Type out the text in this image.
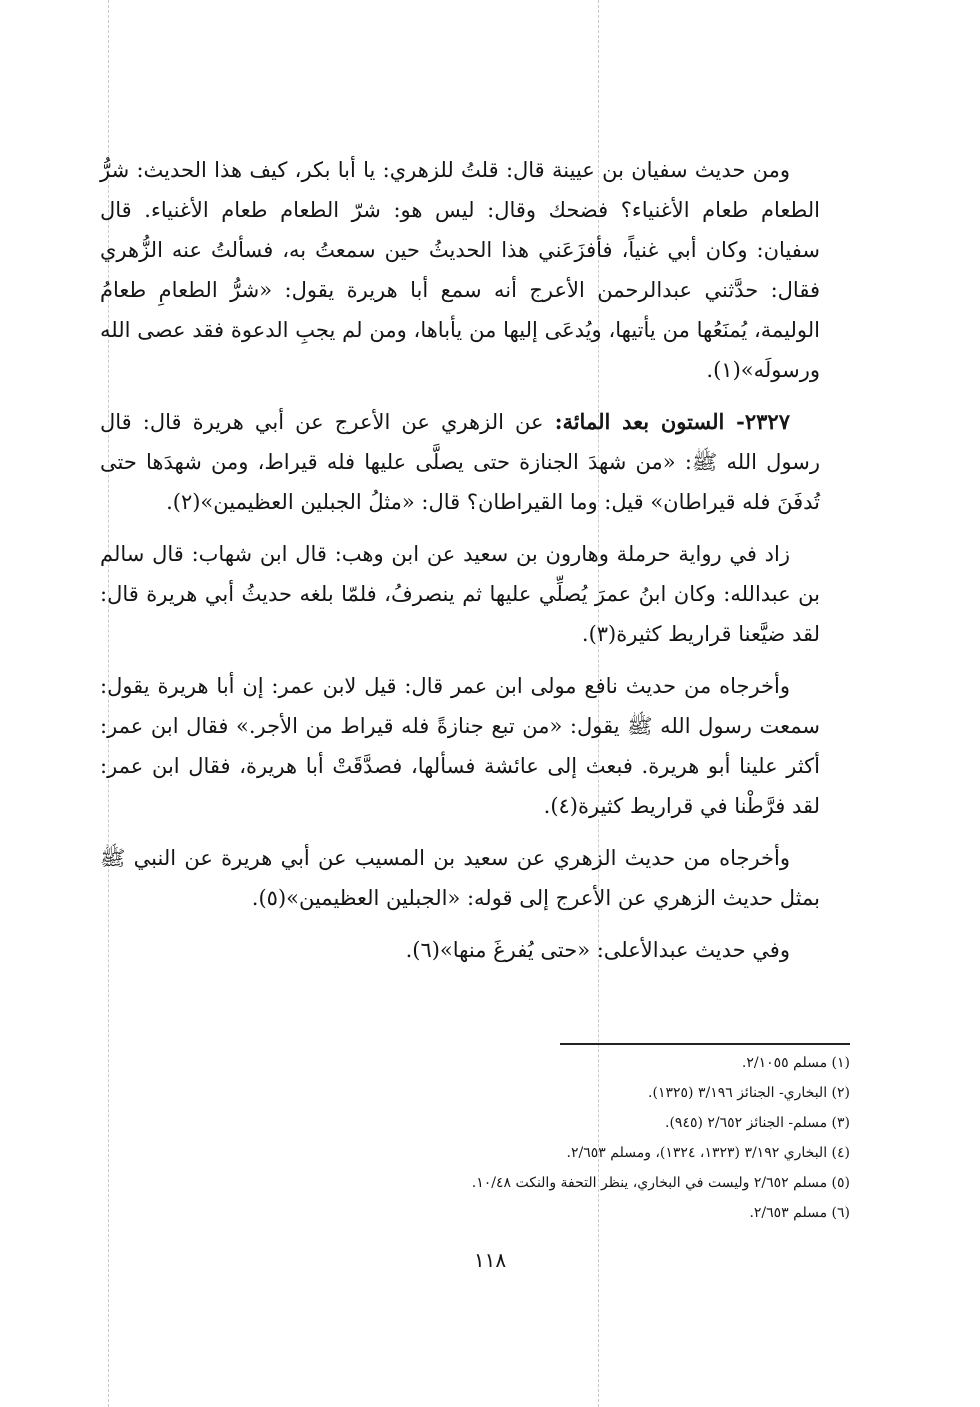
ومن حديث سفيان بن عيينة قال: قلتُ للزهري: يا أبا بكر، كيف هذا الحديث: شرُّ الطعام طعام الأغنياء؟ فضحك وقال: ليس هو: شرّ الطعام طعام الأغنياء. قال سفيان: وكان أبي غنياً، فأفزَعَني هذا الحديثُ حين سمعتُ به، فسألتُ عنه الزُّهري فقال: حدَّثني عبدالرحمن الأعرج أنه سمع أبا هريرة يقول: «شرُّ الطعامِ طعامُ الوليمة، يُمنَعُها من يأتيها، ويُدعَى إليها من يأباها، ومن لم يجبِ الدعوة فقد عصى الله ورسولَه»(١).

٢٣٢٧- الستون بعد المائة: عن الزهري عن الأعرج عن أبي هريرة قال: قال رسول الله ﷺ: «من شهدَ الجنازة حتى يصلَّى عليها فله قيراط، ومن شهدَها حتى تُدفَنَ فله قيراطان» قيل: وما القيراطان؟ قال: «مثلُ الجبلين العظيمين»(٢).

زاد في رواية حرملة وهارون بن سعيد عن ابن وهب: قال ابن شهاب: قال سالم بن عبدالله: وكان ابنُ عمرَ يُصلِّي عليها ثم ينصرفُ، فلمّا بلغه حديثُ أبي هريرة قال: لقد ضيَّعنا قراريط كثيرة(٣).

وأخرجاه من حديث نافع مولى ابن عمر قال: قيل لابن عمر: إن أبا هريرة يقول: سمعت رسول الله ﷺ يقول: «من تبع جنازةً فله قيراط من الأجر.» فقال ابن عمر: أكثر علينا أبو هريرة. فبعث إلى عائشة فسألها، فصدَّقَتْ أبا هريرة، فقال ابن عمر: لقد فرَّطْنا في قراريط كثيرة(٤).

وأخرجاه من حديث الزهري عن سعيد بن المسيب عن أبي هريرة عن النبي ﷺ بمثل حديث الزهري عن الأعرج إلى قوله: «الجبلين العظيمين»(٥).

وفي حديث عبدالأعلى: «حتى يُفرغَ منها»(٦).

(١) مسلم ٢/١٠٥٥.

(٢) البخاري- الجنائز ٣/١٩٦ (١٣٢٥).

(٣) مسلم- الجنائز ٢/٦٥٢ (٩٤٥).

(٤) البخاري ٣/١٩٢ (١٣٢٣، ١٣٢٤)، ومسلم ٢/٦٥٣.

(٥) مسلم ٢/٦٥٢ وليست في البخاري، ينظر التحفة والنكت ١٠/٤٨.

(٦) مسلم ٢/٦٥٣.

١١٨
